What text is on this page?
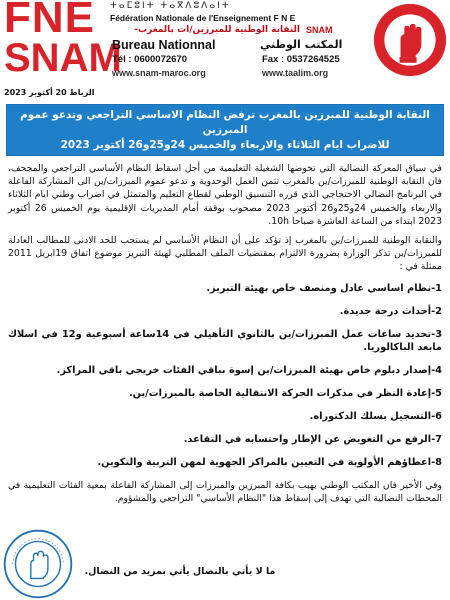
FNE
SNAM
ⵜⴰⵎⵓⵏⵜ ⵜⴰⴳⴷⵓⴷⴰⵏⵜ
Fédération Nationale de l'Enseignement F N E
النقابة الوطنية للمبرزين/ات بالمغرب- SNAM
Bureau Nationnal	المكتب الوطني
Tél : 0600072670	Fax : 0537264525
www.snam-maroc.org	www.taalim.org
الرباط 20 أكتوبر 2023
النقابة الوطنية للمبرزين بالمغرب ترفض النظام الاساسي التراجعي وتدعو عموم المبرزين
للاضراب ايام الثلاثاء والاربعاء والخميس 24و25و26 أكتوبر 2023

في سياق المعركة النضالية التي تخوضها الشغيلة التعليمية من أجل اسقاط النظام الأساسي التراجعي والمجحف، فان النقابة الوطنية للمبرزات/ين بالمغرب تثمن العمل الوحدوية و تدعو عموم المبرزات/ين الى المشاركة الفاعلة في البرنامج النضالي الاحتجاجي الذي قرره التنسيق الوطني لقطاع التعليم والمتمثل في اضراب وطني ايام الثلاثاء والاربعاء والخميس 24و25و26 أكتوبر 2023 مصحوب بوقفة أمام المديريات الإقليمية يوم الخميس 26 أكتوبر 2023 ابتداء من الساعة العاشرة صباحا 10h.

والنقابة الوطنية للمبرزات/ين بالمغرب إذ تؤكد على أن النظام الأساسي لم يستجب للحد الادنى للمطالب العادلة للمبرزات/ين تذكر الوزارة بضرورة الالتزام بمقتضيات الملف المطلبي لهيئة التبريز موضوع اتفاق 19ابريل 2011 ممثلة في :

1-نظام اساسي عادل ومنصف خاص بهيئة التبريز.
2-أحداث درجة جديدة.
3-تحديد ساعات عمل المبرزات/ين بالثانوي التأهيلي في 14ساعة أسبوعية و12 في اسلاك مابعد الباكالوريا.
4-إصدار دبلوم خاص بهيئة المبرزات/ين إسوة بباقي الفئات خريجي باقي المراكز.
5-إعادة النظر في مذكرات الحركة الانتقالية الخاصة بالمبرزات/ين.
6-التسجيل بسلك الدكتوراه.
7-الرفع من التعويض عن الإطار واحتسابه في التقاعد.
8-اعطاؤهم الأولوية في التعيين بالمراكز الجهوية لمهن التربية والتكوين.

وفي الأخير فان المكتب الوطني يهيب بكافة المبرزين والمبرزات إلى المشاركة الفاعلة بمعية الفئات التعليمية في المحطات النضالية التي تهدف إلى إسقاط هذا "النظام الأساسي" التراجعي والمشؤوم.

ما لا يأتي بالنضال يأتي بمزيد من النضال.
